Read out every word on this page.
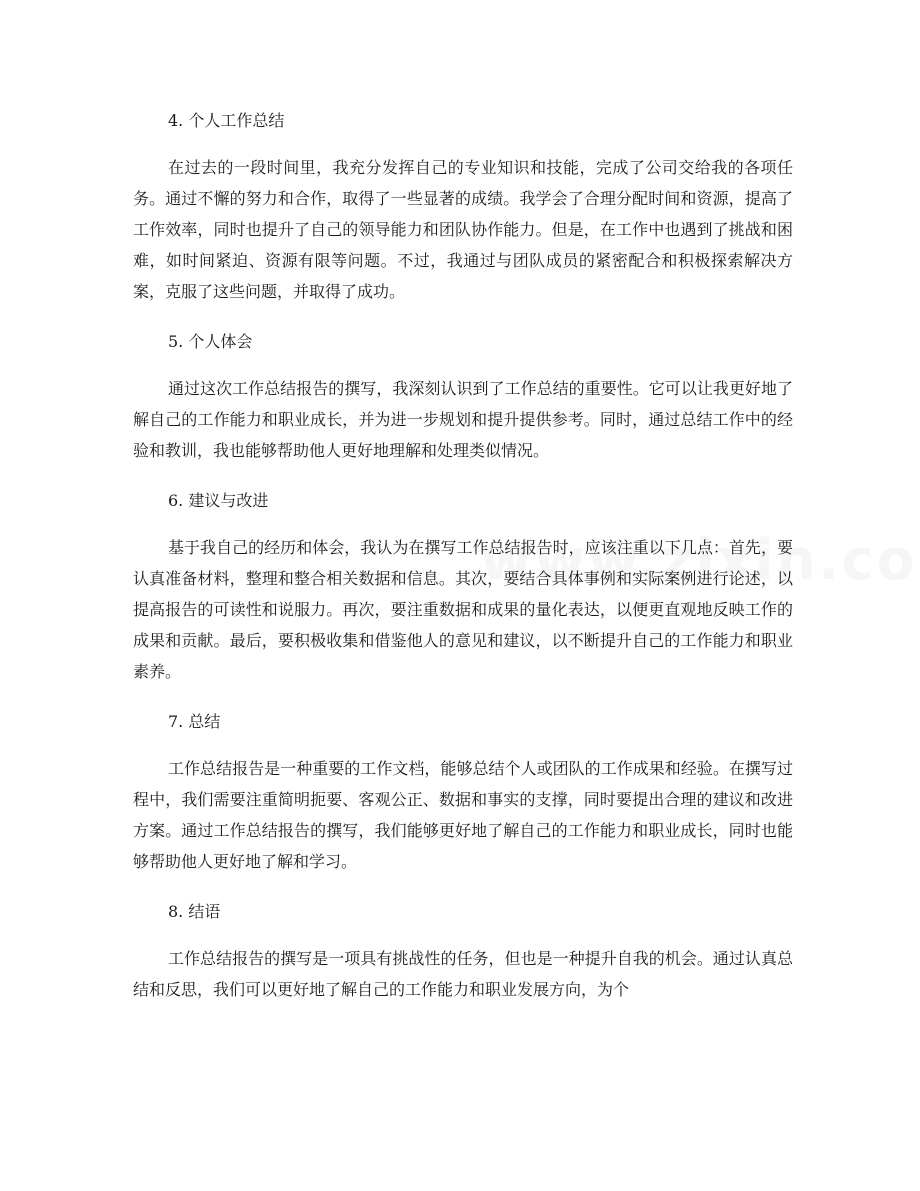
4. 个人工作总结

在过去的一段时间里，我充分发挥自己的专业知识和技能，完成了公司交给我的各项任务。通过不懈的努力和合作，取得了一些显著的成绩。我学会了合理分配时间和资源，提高了工作效率，同时也提升了自己的领导能力和团队协作能力。但是，在工作中也遇到了挑战和困难，如时间紧迫、资源有限等问题。不过，我通过与团队成员的紧密配合和积极探索解决方案，克服了这些问题，并取得了成功。

5. 个人体会

通过这次工作总结报告的撰写，我深刻认识到了工作总结的重要性。它可以让我更好地了解自己的工作能力和职业成长，并为进一步规划和提升提供参考。同时，通过总结工作中的经验和教训，我也能够帮助他人更好地理解和处理类似情况。

6. 建议与改进

基于我自己的经历和体会，我认为在撰写工作总结报告时，应该注重以下几点：首先，要认真准备材料，整理和整合相关数据和信息。其次，要结合具体事例和实际案例进行论述，以提高报告的可读性和说服力。再次，要注重数据和成果的量化表达，以便更直观地反映工作的成果和贡献。最后，要积极收集和借鉴他人的意见和建议，以不断提升自己的工作能力和职业素养。

7. 总结

工作总结报告是一种重要的工作文档，能够总结个人或团队的工作成果和经验。在撰写过程中，我们需要注重简明扼要、客观公正、数据和事实的支撑，同时要提出合理的建议和改进方案。通过工作总结报告的撰写，我们能够更好地了解自己的工作能力和职业成长，同时也能够帮助他人更好地了解和学习。

8. 结语

工作总结报告的撰写是一项具有挑战性的任务，但也是一种提升自我的机会。通过认真总结和反思，我们可以更好地了解自己的工作能力和职业发展方向，为个
